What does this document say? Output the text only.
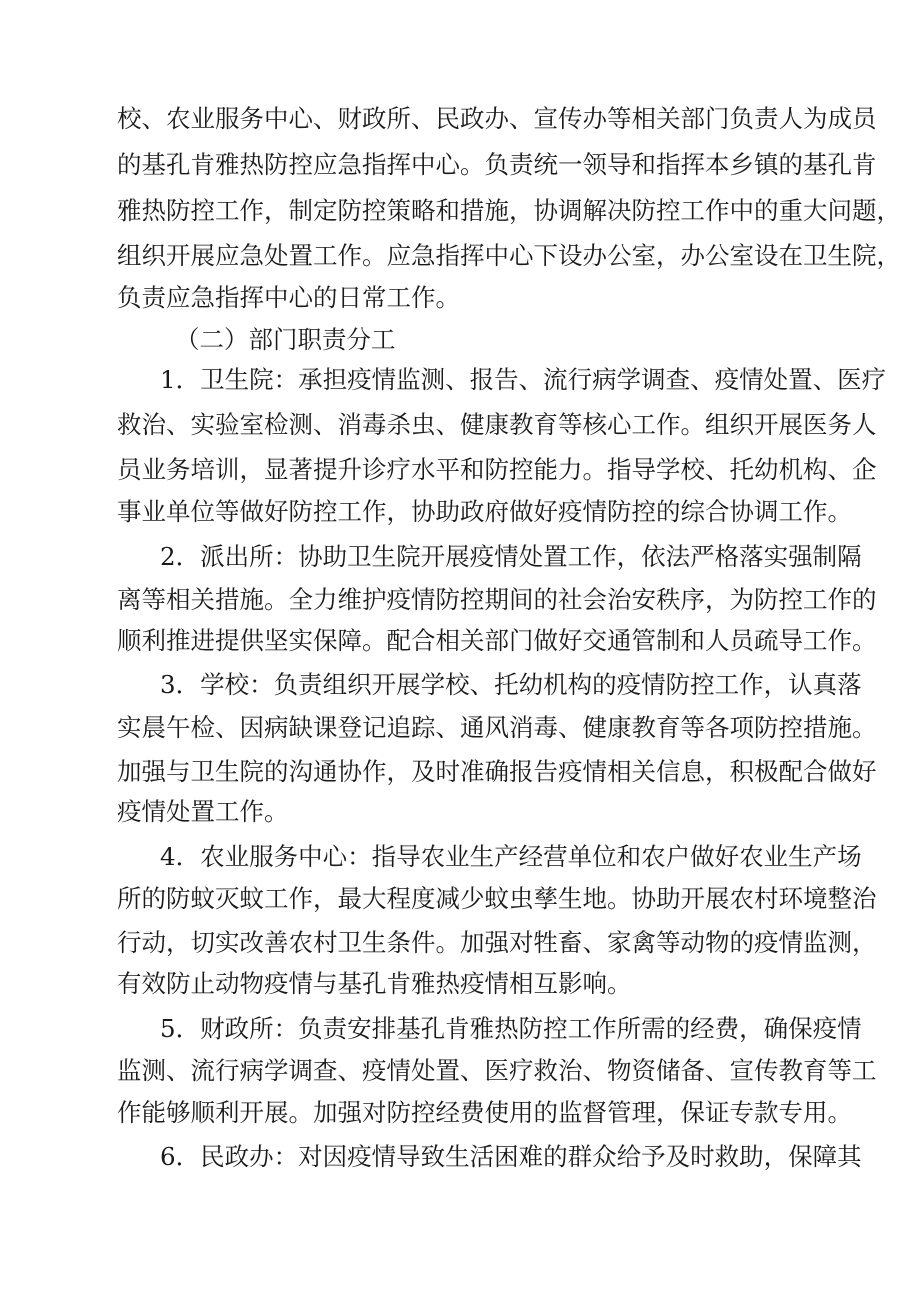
校、农业服务中心、财政所、民政办、宣传办等相关部门负责人为成员
的基孔肯雅热防控应急指挥中心。负责统一领导和指挥本乡镇的基孔肯
雅热防控工作，制定防控策略和措施，协调解决防控工作中的重大问题，
组织开展应急处置工作。应急指挥中心下设办公室，办公室设在卫生院，
负责应急指挥中心的日常工作。
（二）部门职责分工
1．卫生院：承担疫情监测、报告、流行病学调查、疫情处置、医疗
救治、实验室检测、消毒杀虫、健康教育等核心工作。组织开展医务人
员业务培训，显著提升诊疗水平和防控能力。指导学校、托幼机构、企
事业单位等做好防控工作，协助政府做好疫情防控的综合协调工作。
2．派出所：协助卫生院开展疫情处置工作，依法严格落实强制隔
离等相关措施。全力维护疫情防控期间的社会治安秩序，为防控工作的
顺利推进提供坚实保障。配合相关部门做好交通管制和人员疏导工作。
3．学校：负责组织开展学校、托幼机构的疫情防控工作，认真落
实晨午检、因病缺课登记追踪、通风消毒、健康教育等各项防控措施。
加强与卫生院的沟通协作，及时准确报告疫情相关信息，积极配合做好
疫情处置工作。
4．农业服务中心：指导农业生产经营单位和农户做好农业生产场
所的防蚊灭蚊工作，最大程度减少蚊虫孳生地。协助开展农村环境整治
行动，切实改善农村卫生条件。加强对牲畜、家禽等动物的疫情监测，
有效防止动物疫情与基孔肯雅热疫情相互影响。
5．财政所：负责安排基孔肯雅热防控工作所需的经费，确保疫情
监测、流行病学调查、疫情处置、医疗救治、物资储备、宣传教育等工
作能够顺利开展。加强对防控经费使用的监督管理，保证专款专用。
6．民政办：对因疫情导致生活困难的群众给予及时救助，保障其
